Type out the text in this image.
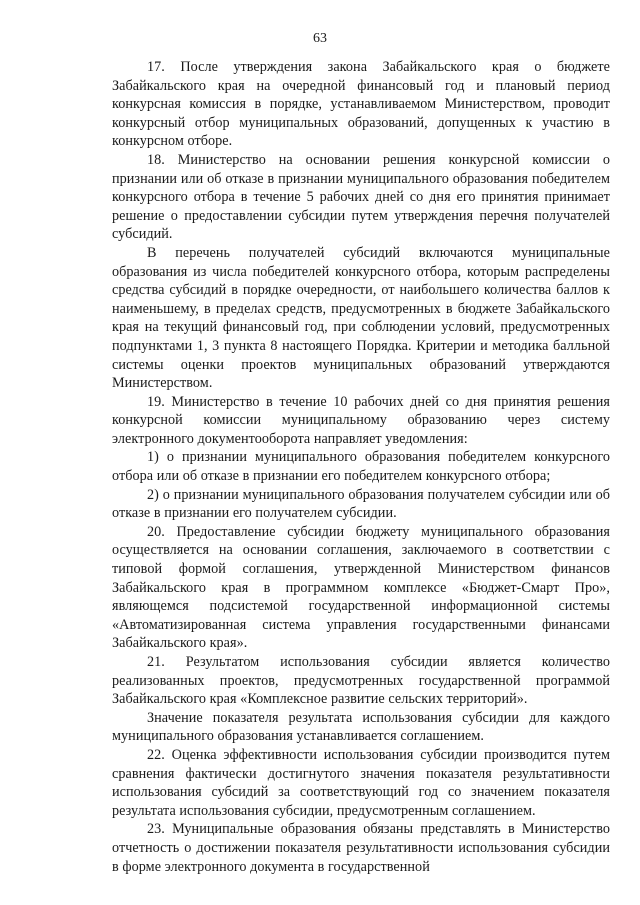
63

17. После утверждения закона Забайкальского края о бюджете Забайкальского края на очередной финансовый год и плановый период конкурсная комиссия в порядке, устанавливаемом Министерством, проводит конкурсный отбор муниципальных образований, допущенных к участию в конкурсном отборе.

18. Министерство на основании решения конкурсной комиссии о признании или об отказе в признании муниципального образования победителем конкурсного отбора в течение 5 рабочих дней со дня его принятия принимает решение о предоставлении субсидии путем утверждения перечня получателей субсидий.

В перечень получателей субсидий включаются муниципальные образования из числа победителей конкурсного отбора, которым распределены средства субсидий в порядке очередности, от наибольшего количества баллов к наименьшему, в пределах средств, предусмотренных в бюджете Забайкальского края на текущий финансовый год, при соблюдении условий, предусмотренных подпунктами 1, 3 пункта 8 настоящего Порядка. Критерии и методика балльной системы оценки проектов муниципальных образований утверждаются Министерством.

19. Министерство в течение 10 рабочих дней со дня принятия решения конкурсной комиссии муниципальному образованию через систему электронного документооборота направляет уведомления:

1) о признании муниципального образования победителем конкурсного отбора или об отказе в признании его победителем конкурсного отбора;

2) о признании муниципального образования получателем субсидии или об отказе в признании его получателем субсидии.

20. Предоставление субсидии бюджету муниципального образования осуществляется на основании соглашения, заключаемого в соответствии с типовой формой соглашения, утвержденной Министерством финансов Забайкальского края в программном комплексе «Бюджет-Смарт Про», являющемся подсистемой государственной информационной системы «Автоматизированная система управления государственными финансами Забайкальского края».

21. Результатом использования субсидии является количество реализованных проектов, предусмотренных государственной программой Забайкальского края «Комплексное развитие сельских территорий».

Значение показателя результата использования субсидии для каждого муниципального образования устанавливается соглашением.

22. Оценка эффективности использования субсидии производится путем сравнения фактически достигнутого значения показателя результативности использования субсидий за соответствующий год со значением показателя результата использования субсидии, предусмотренным соглашением.

23. Муниципальные образования обязаны представлять в Министерство отчетность о достижении показателя результативности использования субсидии в форме электронного документа в государственной
